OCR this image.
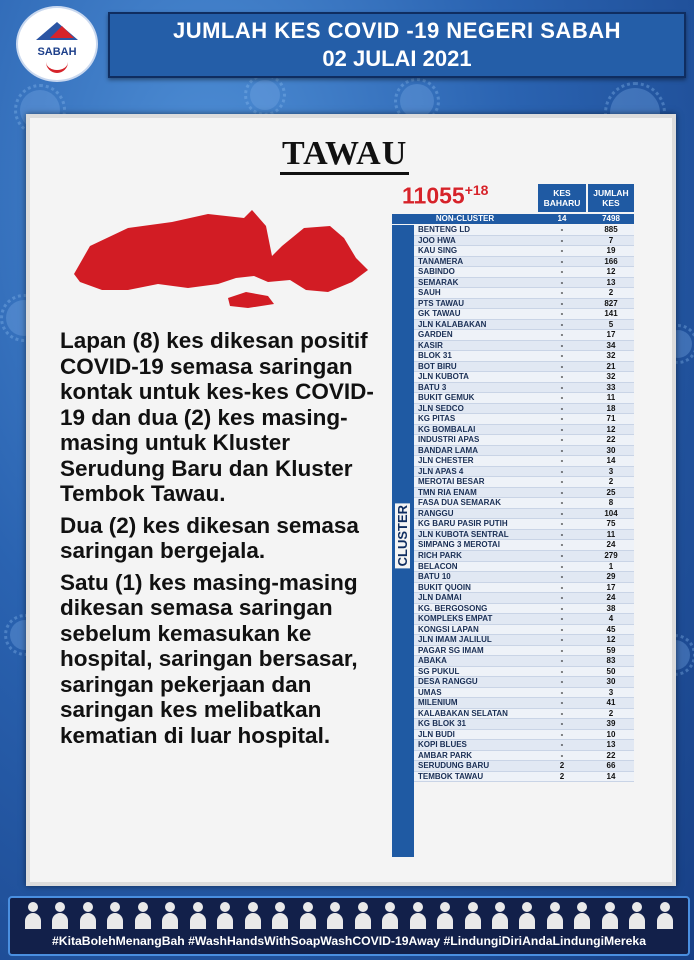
SABAH
JUMLAH KES COVID -19 NEGERI SABAH
02 JULAI 2021
TAWAU

Lapan (8) kes dikesan positif COVID-19 semasa saringan kontak untuk kes-kes COVID-19 dan dua (2) kes masing-masing untuk Kluster Serudung Baru dan Kluster Tembok Tawau.

Dua (2) kes dikesan semasa saringan bergejala.

Satu (1) kes masing-masing dikesan semasa saringan sebelum kemasukan ke hospital, saringan bersasar, saringan pekerjaan dan saringan kes melibatkan kematian di luar hospital.

KES BAHARU
JUMLAH KES
NON-CLUSTER	14	7498
BENTENG LD	-	885
JOO HWA	-	7
KAU SING	-	19
TANAMERA	-	166
SABINDO	-	12
SEMARAK	-	13
SAUH	-	2
PTS TAWAU	-	827
GK TAWAU	-	141
JLN KALABAKAN	-	5
GARDEN	-	17
KASIR	-	34
BLOK 31	-	32
BOT BIRU	-	21
JLN KUBOTA	-	32
BATU 3	-	33
BUKIT GEMUK	-	11
JLN SEDCO	-	18
KG PITAS	-	71
KG BOMBALAI	-	12
INDUSTRI APAS	-	22
BANDAR LAMA	-	30
JLN CHESTER	-	14
JLN APAS 4	-	3
MEROTAI BESAR	-	2
TMN RIA ENAM	-	25
FASA DUA SEMARAK	-	8
RANGGU	-	104
KG BARU PASIR PUTIH	-	75
JLN KUBOTA SENTRAL	-	11
SIMPANG 3 MEROTAI	-	24
RICH PARK	-	279
BELACON	-	1
BATU 10	-	29
BUKIT QUOIN	-	17
JLN DAMAI	-	24
KG. BERGOSONG	-	38
KOMPLEKS EMPAT	-	4
KONGSI LAPAN	-	45
JLN IMAM JALILUL	-	12
PAGAR SG IMAM	-	59
ABAKA	-	83
SG PUKUL	-	50
DESA RANGGU	-	30
UMAS	-	3
MILENIUM	-	41
KALABAKAN SELATAN	-	2
KG BLOK 31	-	39
JLN BUDI	-	10
KOPI BLUES	-	13
AMBAR PARK	-	22
SERUDUNG BARU	2	66
TEMBOK TAWAU	2	14
CLUSTER
$11055^{+18}$
#KitaBolehMenangBah #WashHandsWithSoapWashCOVID-19Away #LindungiDiriAndaLindungiMereka
